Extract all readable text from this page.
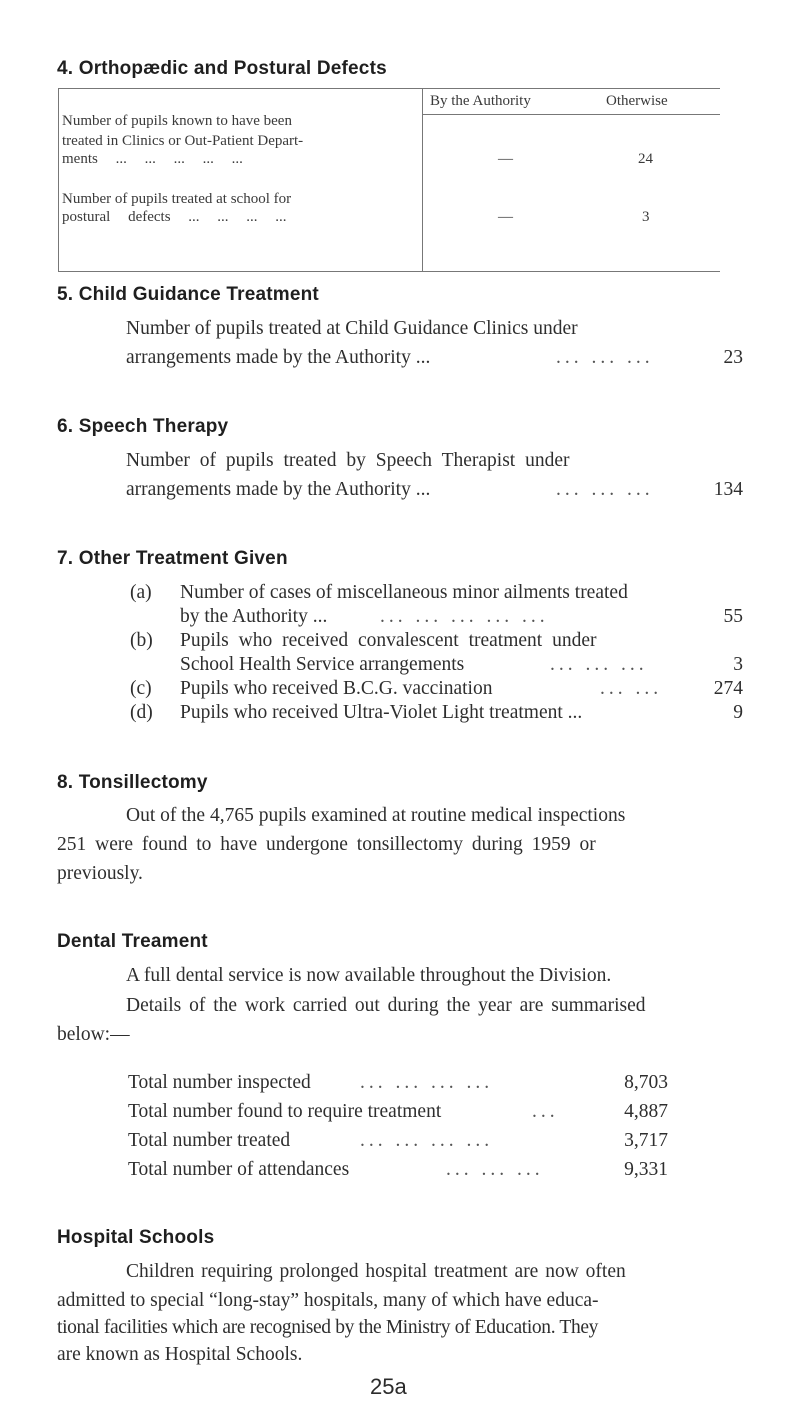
4. Orthopædic and Postural Defects
By the Authority	Otherwise
Number of pupils known to have been
treated in Clinics or Out-Patient Depart-
ments ... ... ... ... ...	—	24
Number of pupils treated at school for
postural defects ... ... ... ...	—	3
5. Child Guidance Treatment
Number of pupils treated at Child Guidance Clinics under
arrangements made by the Authority ...	... ... ...	23
6. Speech Therapy
Number of pupils treated by Speech Therapist under
arrangements made by the Authority ...	... ... ...	134
7. Other Treatment Given
(a) Number of cases of miscellaneous minor ailments treated
by the Authority ...	... ... ... ... ...	55
(b) Pupils who received convalescent treatment under
School Health Service arrangements	... ... ...	3
(c) Pupils who received B.C.G. vaccination	... ...	274
(d) Pupils who received Ultra-Violet Light treatment ...	9
8. Tonsillectomy
Out of the 4,765 pupils examined at routine medical inspections
251 were found to have undergone tonsillectomy during 1959 or
previously.
Dental Treament
A full dental service is now available throughout the Division.
Details of the work carried out during the year are summarised
below:—
Total number inspected	... ... ... ...	8,703
Total number found to require treatment	...	4,887
Total number treated	... ... ... ...	3,717
Total number of attendances	... ... ...	9,331
Hospital Schools
Children requiring prolonged hospital treatment are now often
admitted to special “long-stay” hospitals, many of which have educa-
tional facilities which are recognised by the Ministry of Education. They
are known as Hospital Schools.
25a
